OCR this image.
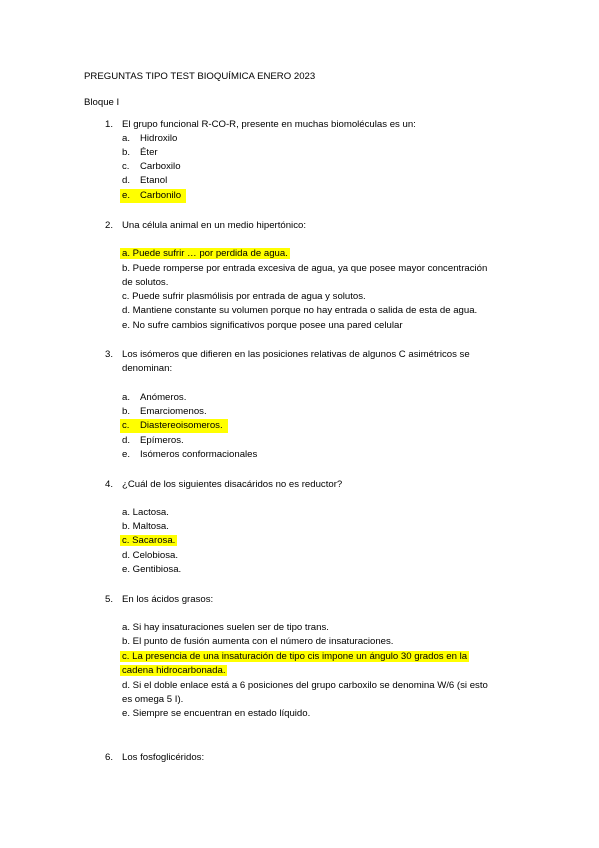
PREGUNTAS TIPO TEST BIOQUÍMICA ENERO 2023
Bloque I
1. El grupo funcional R-CO-R, presente en muchas biomoléculas es un:
a. Hidroxilo
b. Éter
c. Carboxilo
d. Etanol
e. Carbonilo
2. Una célula animal en un medio hipertónico:
a. Puede sufrir … por perdida de agua.
b. Puede romperse por entrada excesiva de agua, ya que posee mayor concentración
de solutos.
c. Puede sufrir plasmólisis por entrada de agua y solutos.
d. Mantiene constante su volumen porque no hay entrada o salida de esta de agua.
e. No sufre cambios significativos porque posee una pared celular
3. Los isómeros que difieren en las posiciones relativas de algunos C asimétricos se
denominan:
a. Anómeros.
b. Emarciomenos.
c. Diastereoisomeros.
d. Epímeros.
e. Isómeros conformacionales
4. ¿Cuál de los siguientes disacáridos no es reductor?
a. Lactosa.
b. Maltosa.
c. Sacarosa.
d. Celobiosa.
e. Gentibiosa.
5. En los ácidos grasos:
a. Si hay insaturaciones suelen ser de tipo trans.
b. El punto de fusión aumenta con el número de insaturaciones.
c. La presencia de una insaturación de tipo cis impone un ángulo 30 grados en la
cadena hidrocarbonada.
d. Si el doble enlace está a 6 posiciones del grupo carboxilo se denomina W/6 (si esto
es omega 5 I).
e. Siempre se encuentran en estado líquido.
6. Los fosfoglicéridos:
